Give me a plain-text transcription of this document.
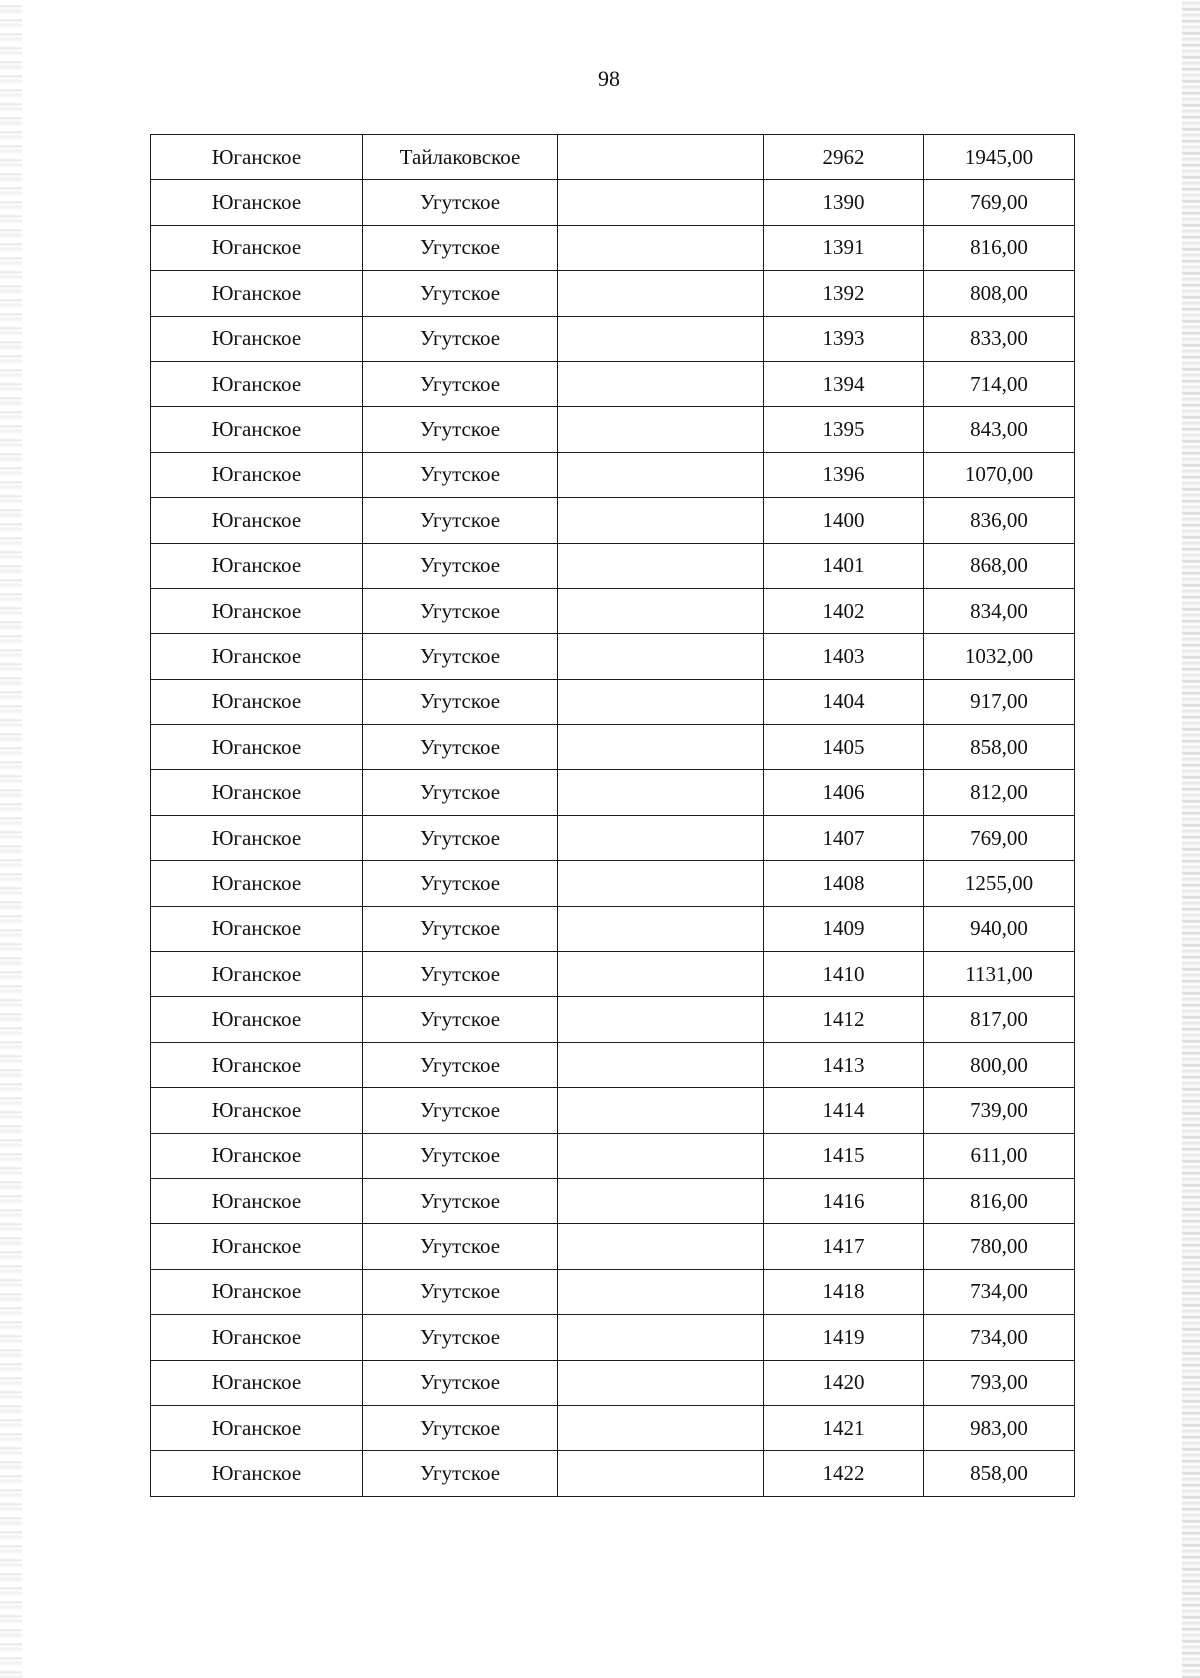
98
Юганское	Тайлаковское		2962	1945,00
Юганское	Угутское		1390	769,00
Юганское	Угутское		1391	816,00
Юганское	Угутское		1392	808,00
Юганское	Угутское		1393	833,00
Юганское	Угутское		1394	714,00
Юганское	Угутское		1395	843,00
Юганское	Угутское		1396	1070,00
Юганское	Угутское		1400	836,00
Юганское	Угутское		1401	868,00
Юганское	Угутское		1402	834,00
Юганское	Угутское		1403	1032,00
Юганское	Угутское		1404	917,00
Юганское	Угутское		1405	858,00
Юганское	Угутское		1406	812,00
Юганское	Угутское		1407	769,00
Юганское	Угутское		1408	1255,00
Юганское	Угутское		1409	940,00
Юганское	Угутское		1410	1131,00
Юганское	Угутское		1412	817,00
Юганское	Угутское		1413	800,00
Юганское	Угутское		1414	739,00
Юганское	Угутское		1415	611,00
Юганское	Угутское		1416	816,00
Юганское	Угутское		1417	780,00
Юганское	Угутское		1418	734,00
Юганское	Угутское		1419	734,00
Юганское	Угутское		1420	793,00
Юганское	Угутское		1421	983,00
Юганское	Угутское		1422	858,00
